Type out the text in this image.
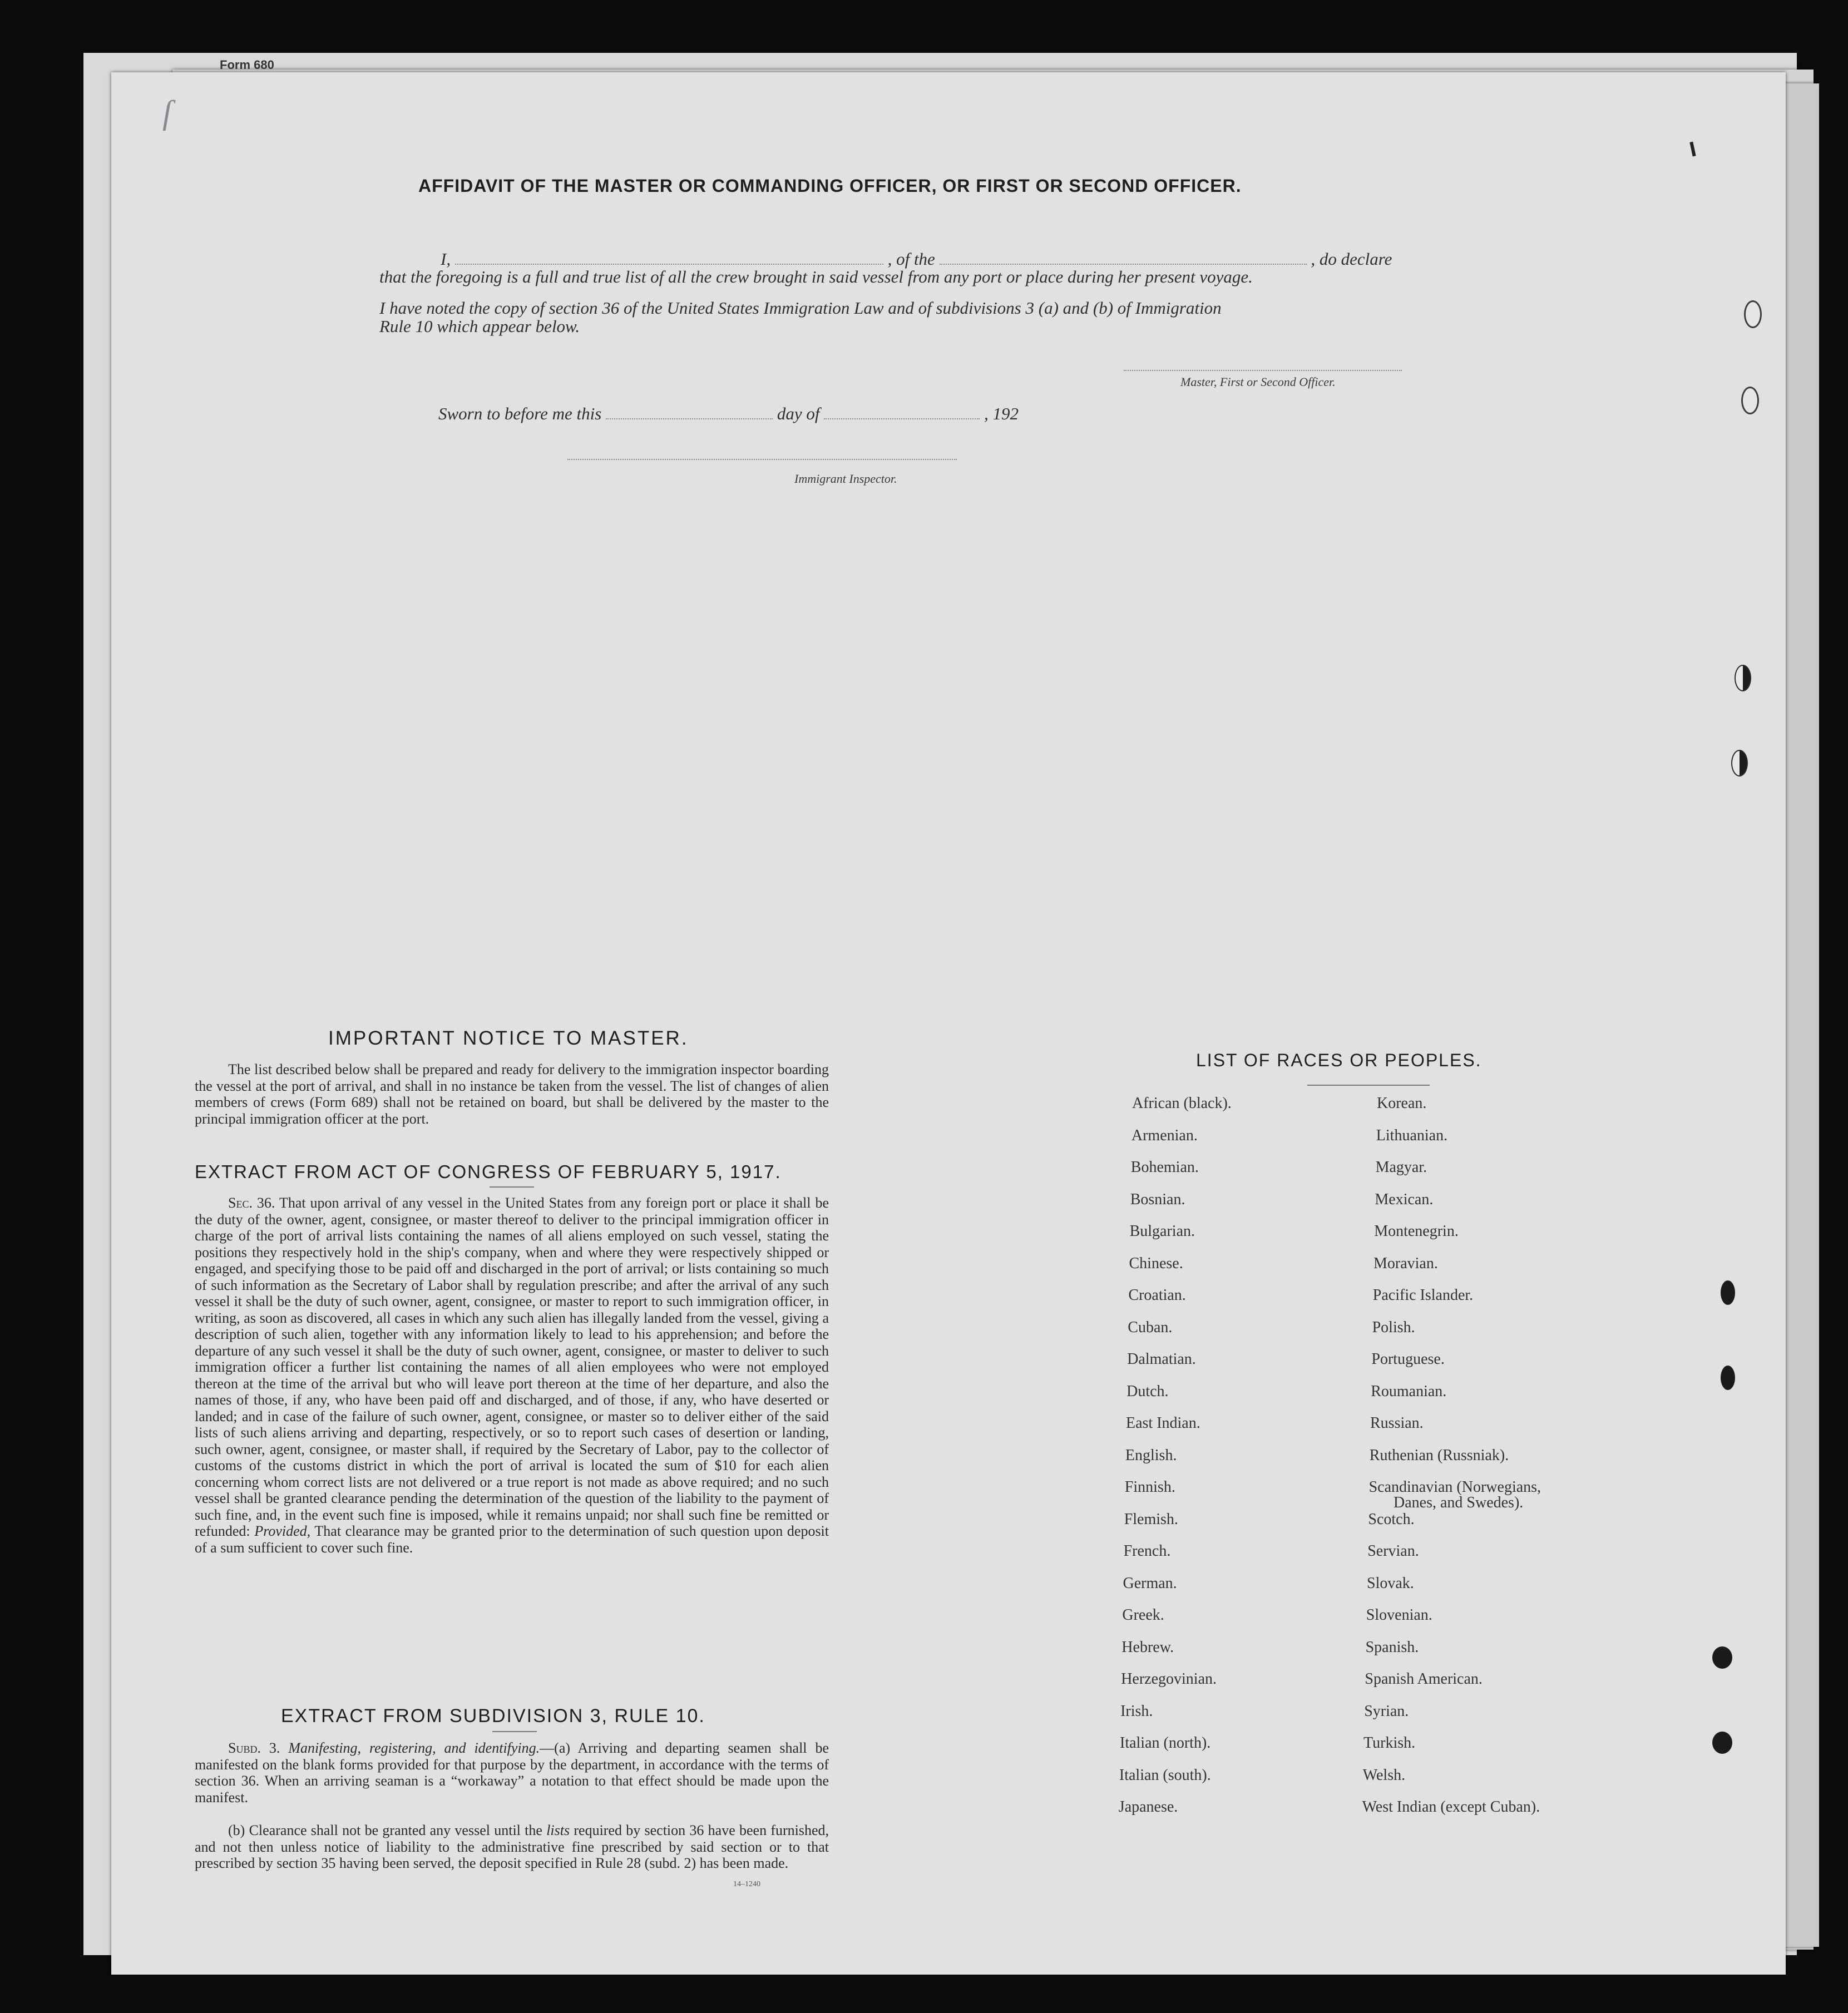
Form 680
ſ
AFFIDAVIT OF THE MASTER OR COMMANDING OFFICER, OR FIRST OR SECOND OFFICER.
I,	, of the	, do declare
that the foregoing is a full and true list of all the crew brought in said vessel from any port or place during her present voyage.
I have noted the copy of section 36 of the United States Immigration Law and of subdivisions 3 (a) and (b) of Immigration
Rule 10 which appear below.
Master, First or Second Officer.
Sworn to before me this	day of	, 192
Immigrant Inspector.
IMPORTANT NOTICE TO MASTER.
The list described below shall be prepared and ready for delivery to the immigration inspector boarding the vessel at the port of arrival, and shall in no instance be taken from the vessel. The list of changes of alien members of crews (Form 689) shall not be retained on board, but shall be delivered by the master to the principal immigration officer at the port.
EXTRACT FROM ACT OF CONGRESS OF FEBRUARY 5, 1917.
Sec. 36. That upon arrival of any vessel in the United States from any foreign port or place it shall be the duty of the owner, agent, consignee, or master thereof to deliver to the principal immigration officer in charge of the port of arrival lists containing the names of all aliens employed on such vessel, stating the positions they respectively hold in the ship's company, when and where they were respectively shipped or engaged, and specifying those to be paid off and discharged in the port of arrival; or lists containing so much of such information as the Secretary of Labor shall by regulation prescribe; and after the arrival of any such vessel it shall be the duty of such owner, agent, consignee, or master to report to such immigration officer, in writing, as soon as discovered, all cases in which any such alien has illegally landed from the vessel, giving a description of such alien, together with any information likely to lead to his apprehension; and before the departure of any such vessel it shall be the duty of such owner, agent, consignee, or master to deliver to such immigration officer a further list containing the names of all alien employees who were not employed thereon at the time of the arrival but who will leave port thereon at the time of her departure, and also the names of those, if any, who have been paid off and discharged, and of those, if any, who have deserted or landed; and in case of the failure of such owner, agent, consignee, or master so to deliver either of the said lists of such aliens arriving and departing, respectively, or so to report such cases of desertion or landing, such owner, agent, consignee, or master shall, if required by the Secretary of Labor, pay to the collector of customs of the customs district in which the port of arrival is located the sum of $10 for each alien concerning whom correct lists are not delivered or a true report is not made as above required; and no such vessel shall be granted clearance pending the determination of the question of the liability to the payment of such fine, and, in the event such fine is imposed, while it remains unpaid; nor shall such fine be remitted or refunded: Provided, That clearance may be granted prior to the determination of such question upon deposit of a sum sufficient to cover such fine.
EXTRACT FROM SUBDIVISION 3, RULE 10.
Subd. 3. Manifesting, registering, and identifying.—(a) Arriving and departing seamen shall be manifested on the blank forms provided for that purpose by the department, in accordance with the terms of section 36. When an arriving seaman is a “workaway” a notation to that effect should be made upon the manifest.
(b) Clearance shall not be granted any vessel until the lists required by section 36 have been furnished, and not then unless notice of liability to the administrative fine prescribed by said section or to that prescribed by section 35 having been served, the deposit specified in Rule 28 (subd. 2) has been made.
14–1240
LIST OF RACES OR PEOPLES.
African (black).
Armenian.
Bohemian.
Bosnian.
Bulgarian.
Chinese.
Croatian.
Cuban.
Dalmatian.
Dutch.
East Indian.
English.
Finnish.
Flemish.
French.
German.
Greek.
Hebrew.
Herzegovinian.
Irish.
Italian (north).
Italian (south).
Japanese.
Korean.
Lithuanian.
Magyar.
Mexican.
Montenegrin.
Moravian.
Pacific Islander.
Polish.
Portuguese.
Roumanian.
Russian.
Ruthenian (Russniak).
Scandinavian (Norwegians,
Danes, and Swedes).
Scotch.
Servian.
Slovak.
Slovenian.
Spanish.
Spanish American.
Syrian.
Turkish.
Welsh.
West Indian (except Cuban).
